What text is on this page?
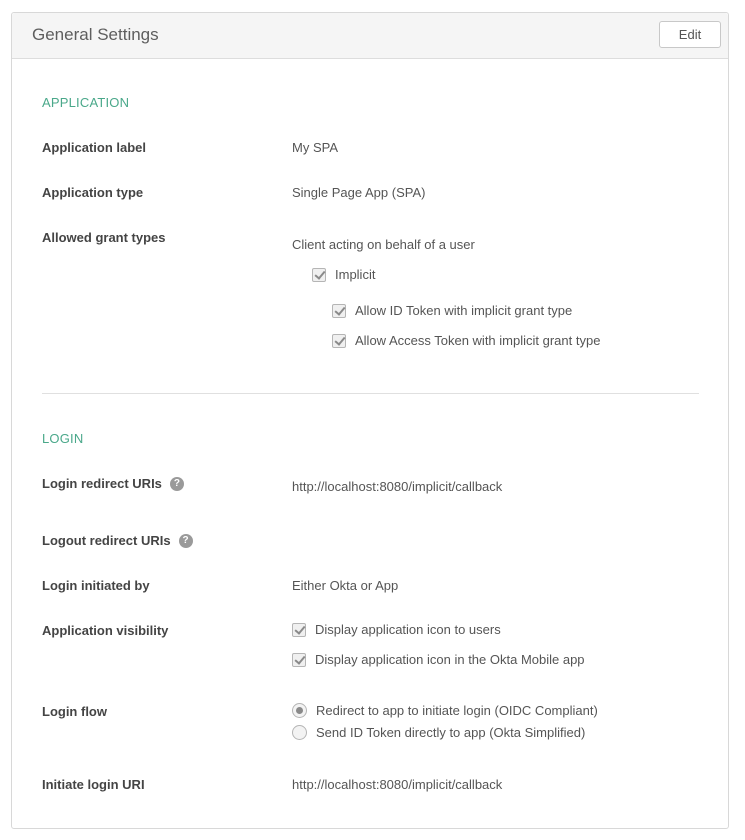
General Settings	Edit
APPLICATION
Application label	My SPA
Application type	Single Page App (SPA)
Allowed grant types	Client acting on behalf of a user
Implicit
Allow ID Token with implicit grant type
Allow Access Token with implicit grant type
LOGIN
Login redirect URIs	?	http://localhost:8080/implicit/callback
Logout redirect URIs	?
Login initiated by	Either Okta or App
Application visibility	Display application icon to users
Display application icon in the Okta Mobile app
Login flow	Redirect to app to initiate login (OIDC Compliant)
Send ID Token directly to app (Okta Simplified)
Initiate login URI	http://localhost:8080/implicit/callback
